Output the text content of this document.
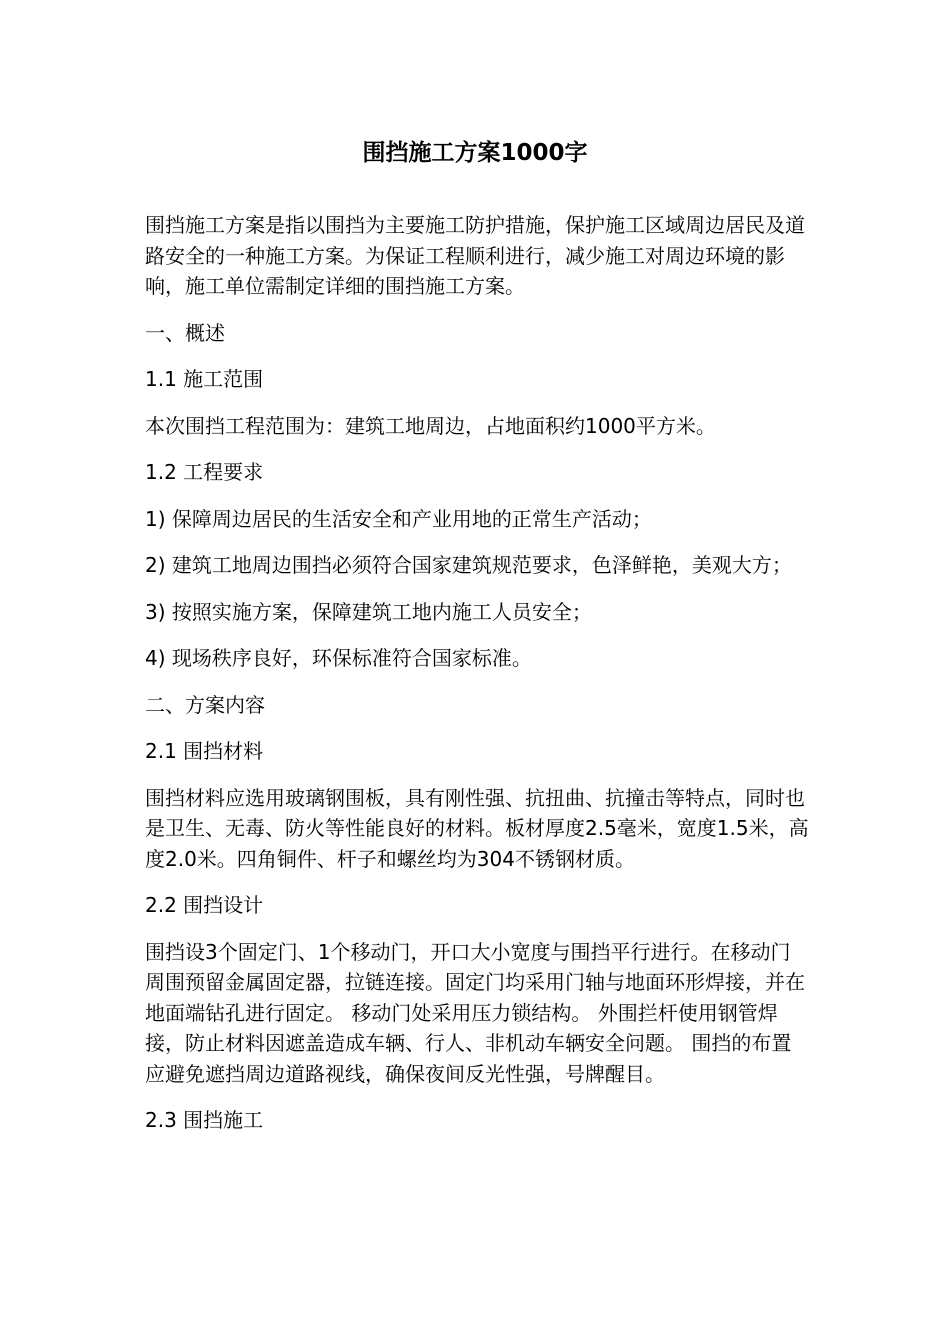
围挡施工方案1000字

围挡施工方案是指以围挡为主要施工防护措施，保护施工区域周边居民及道路安全的一种施工方案。为保证工程顺利进行，减少施工对周边环境的影响，施工单位需制定详细的围挡施工方案。

一、概述

1.1 施工范围

本次围挡工程范围为：建筑工地周边，占地面积约1000平方米。

1.2 工程要求

1) 保障周边居民的生活安全和产业用地的正常生产活动；

2) 建筑工地周边围挡必须符合国家建筑规范要求，色泽鲜艳，美观大方；

3) 按照实施方案，保障建筑工地内施工人员安全；

4) 现场秩序良好，环保标准符合国家标准。

二、方案内容

2.1 围挡材料

围挡材料应选用玻璃钢围板，具有刚性强、抗扭曲、抗撞击等特点，同时也是卫生、无毒、防火等性能良好的材料。板材厚度2.5毫米，宽度1.5米，高度2.0米。四角铜件、杆子和螺丝均为304不锈钢材质。

2.2 围挡设计

围挡设3个固定门、1个移动门，开口大小宽度与围挡平行进行。在移动门周围预留金属固定器，拉链连接。固定门均采用门轴与地面环形焊接，并在地面端钻孔进行固定。 移动门处采用压力锁结构。 外围拦杆使用钢管焊接，防止材料因遮盖造成车辆、行人、非机动车辆安全问题。 围挡的布置应避免遮挡周边道路视线，确保夜间反光性强，号牌醒目。

2.3 围挡施工
